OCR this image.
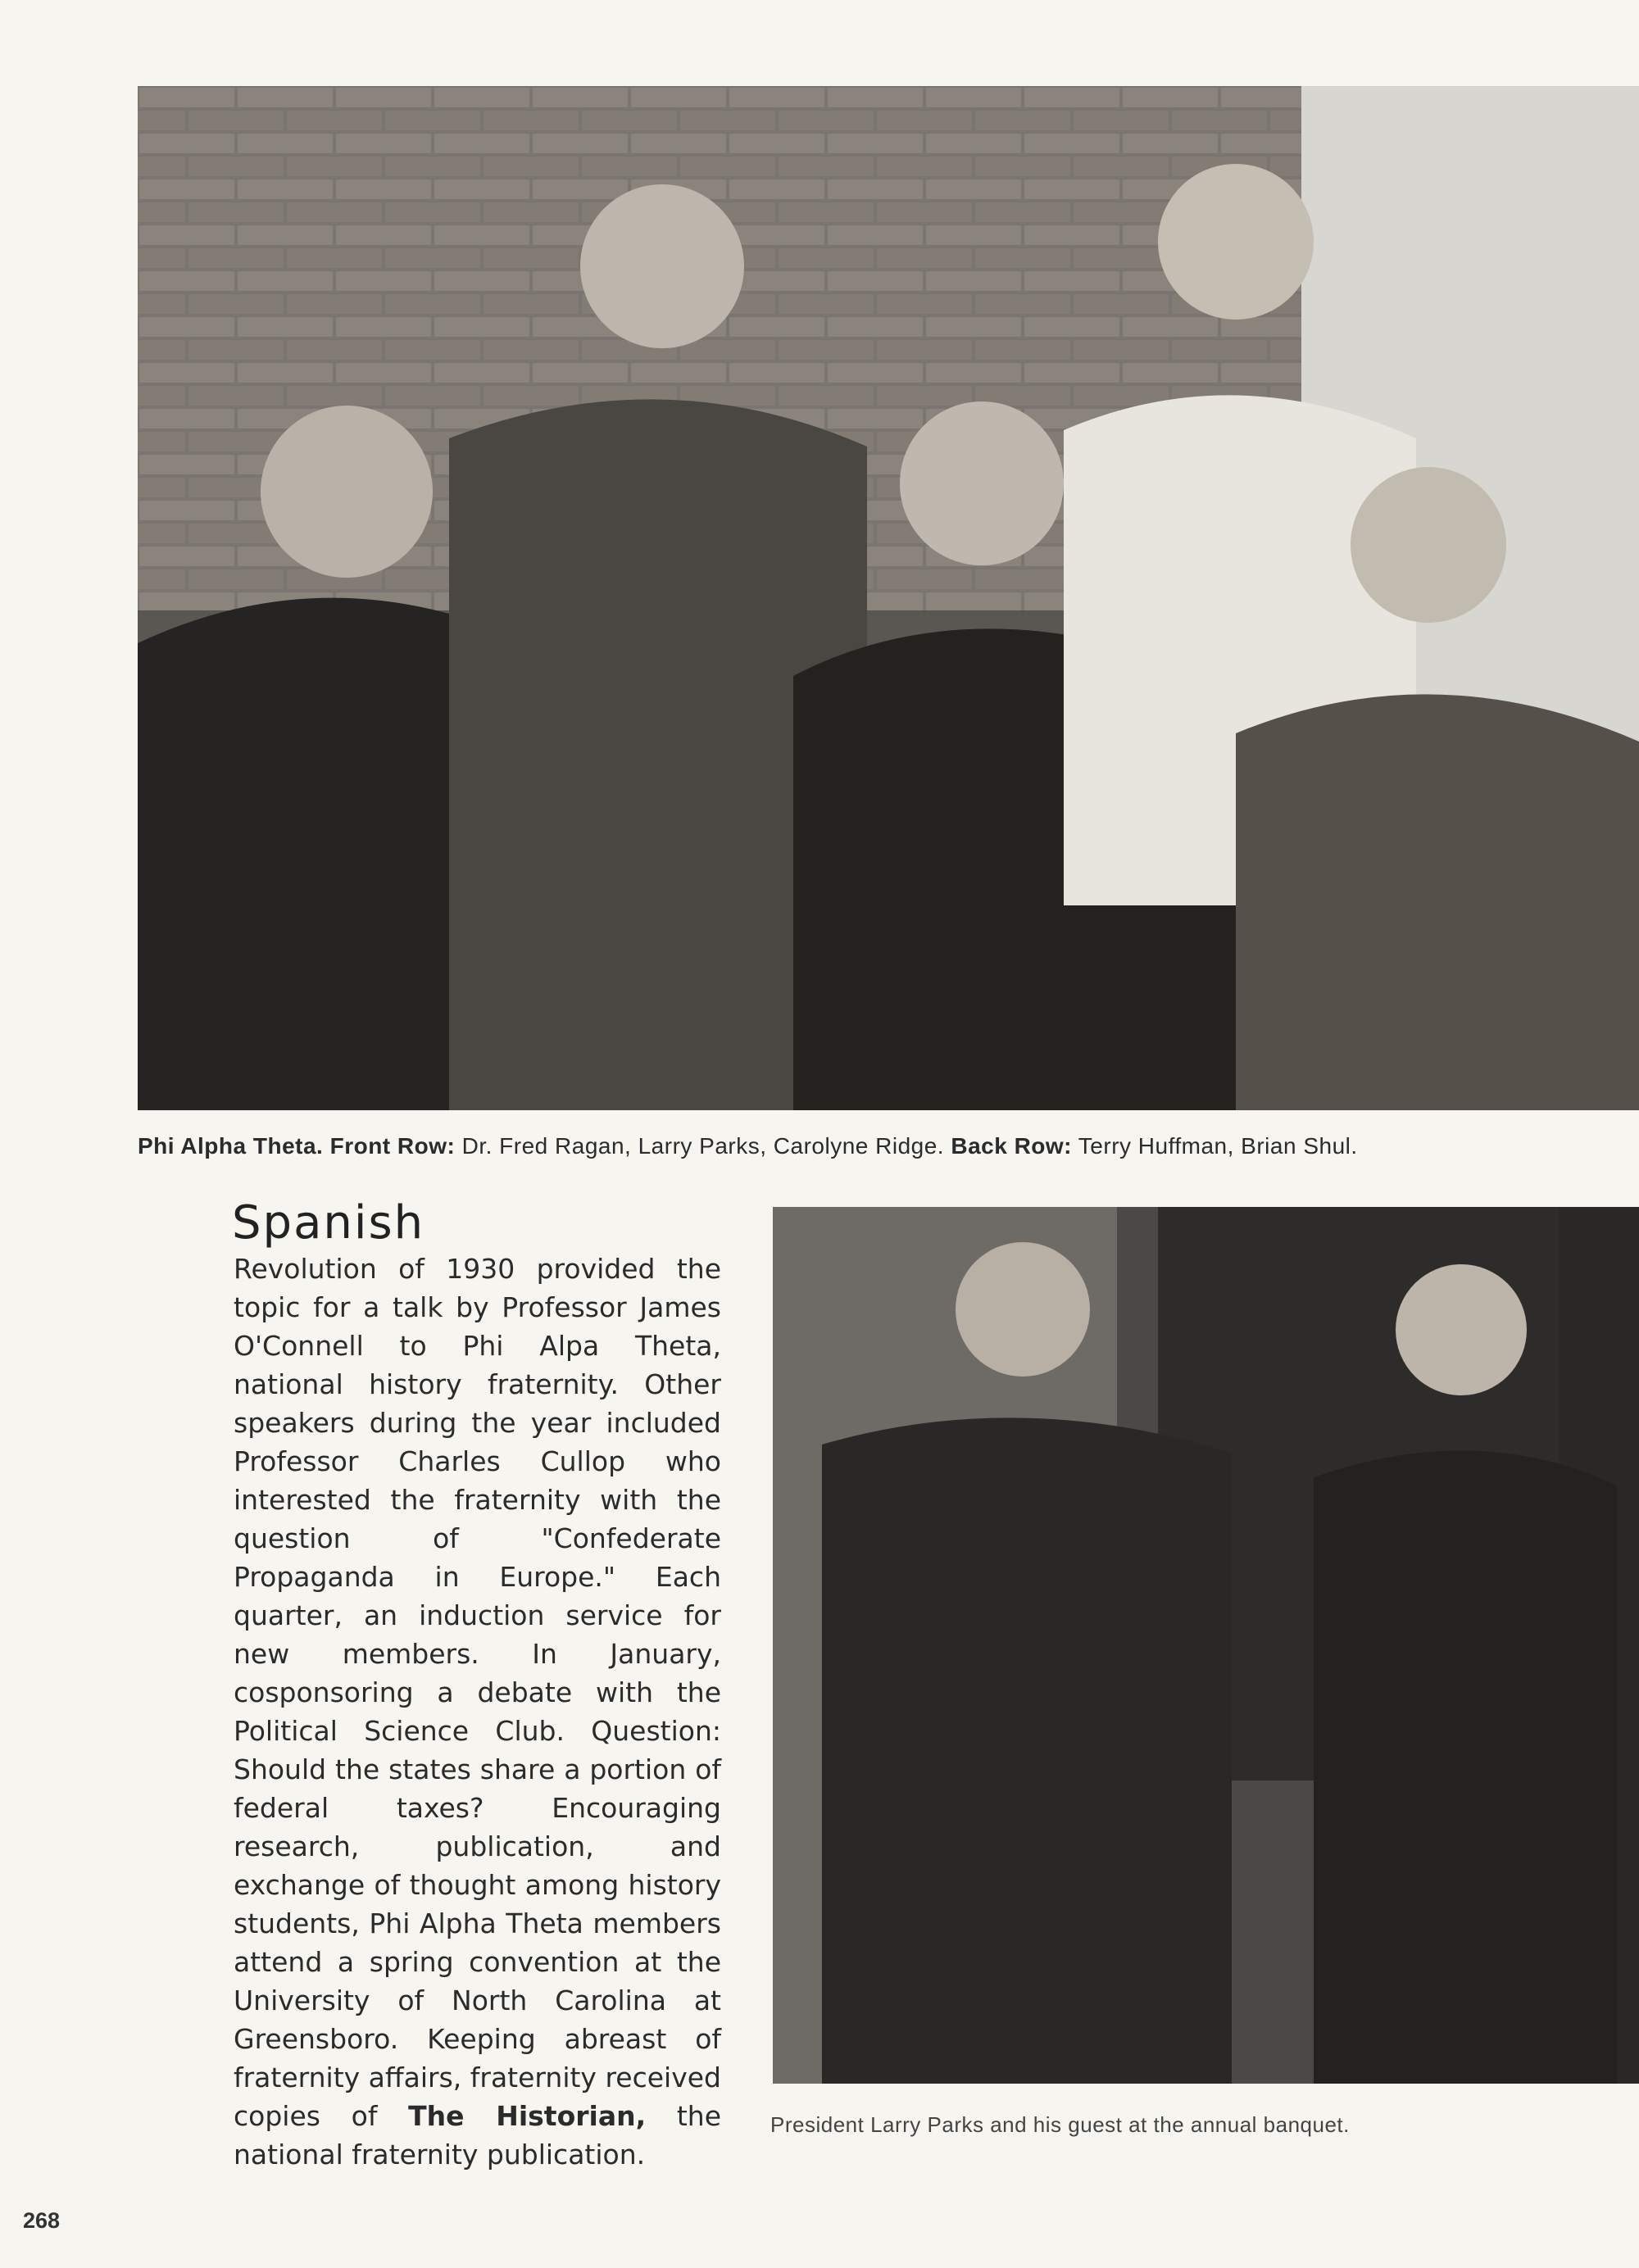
Phi Alpha Theta. Front Row: Dr. Fred Ragan, Larry Parks, Carolyne Ridge. Back Row: Terry Huffman, Brian Shul.
Spanish
Revolution of 1930 provided the topic for a talk by Professor James O'Connell to Phi Alpa Theta, national history fraternity. Other speakers during the year included Professor Charles Cullop who interested the fraternity with the question of "Confederate Propaganda in Europe." Each quarter, an induction service for new members. In January, cosponsoring a debate with the Political Science Club. Question: Should the states share a portion of federal taxes? Encouraging research, publication, and exchange of thought among history students, Phi Alpha Theta members attend a spring convention at the University of North Carolina at Greensboro. Keeping abreast of fraternity affairs, fraternity received copies of The Historian, the national fraternity publication.
President Larry Parks and his guest at the annual banquet.
268
